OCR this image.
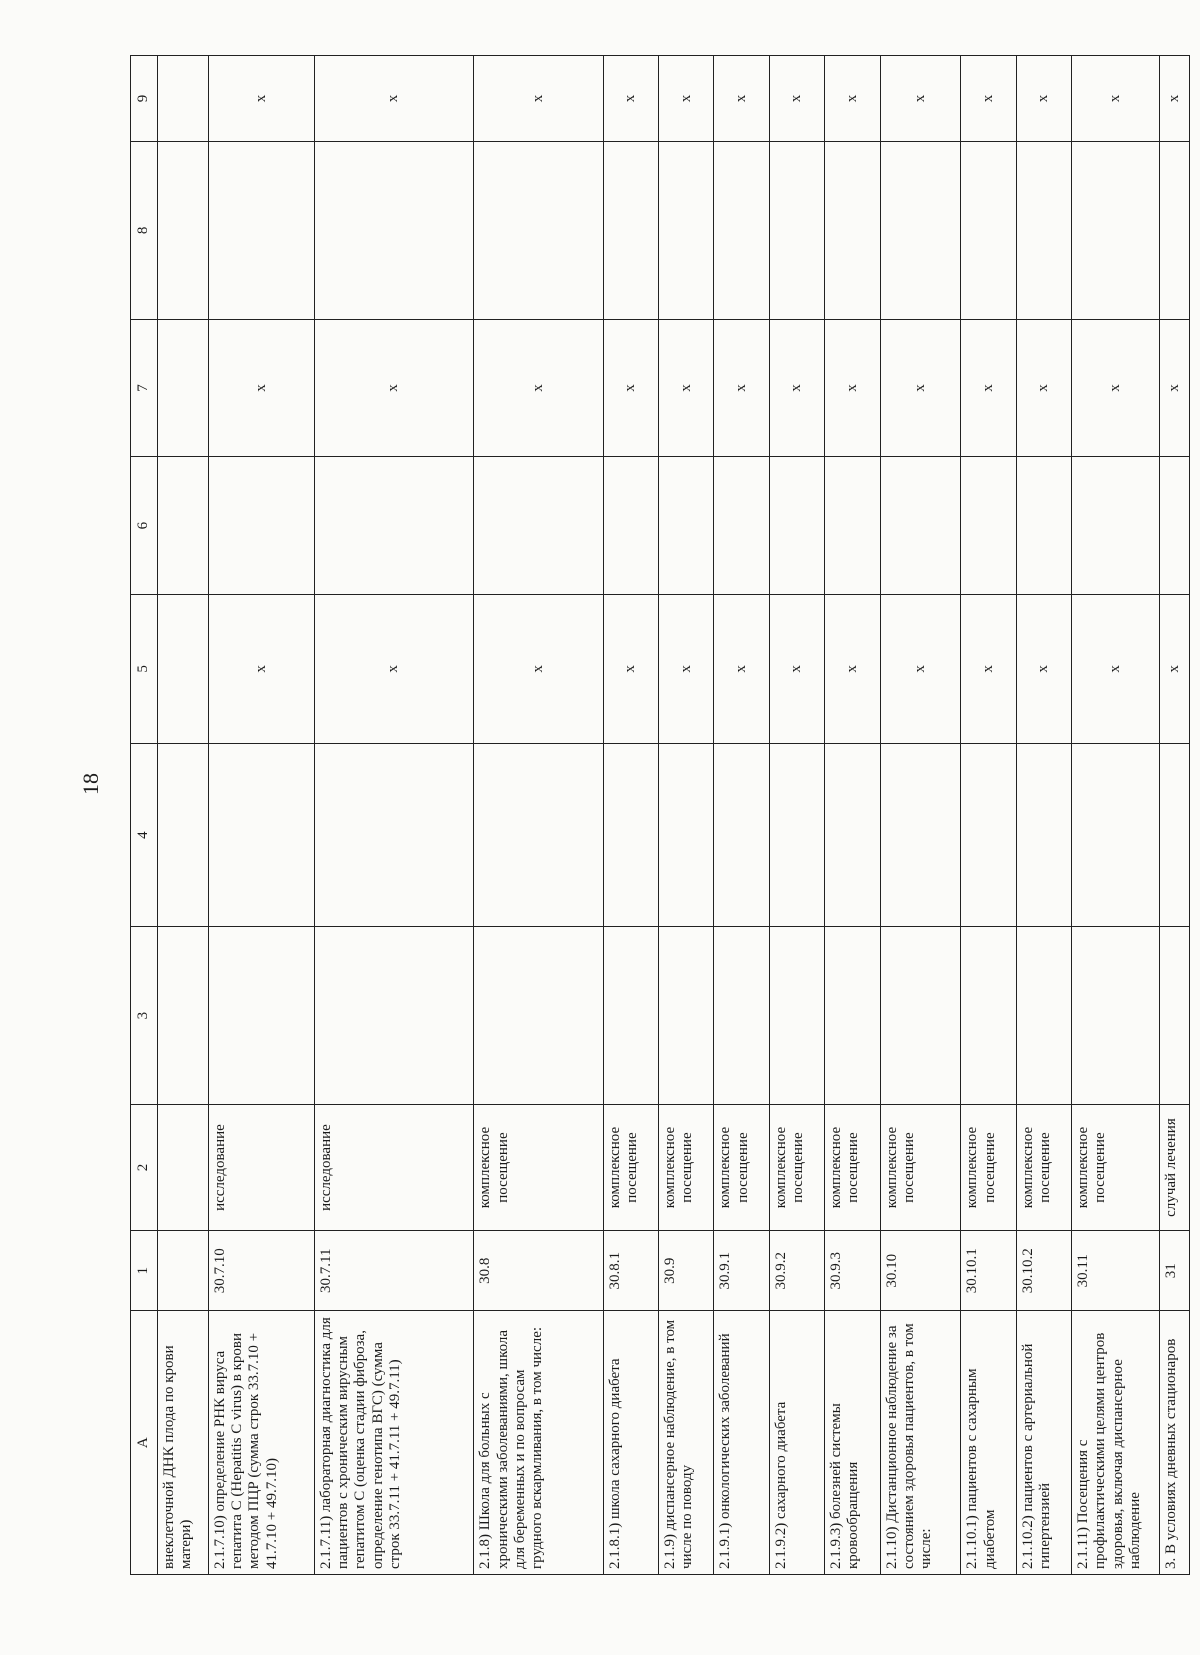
18
А	1	2	3	4	5	6	7	8	9
внеклеточной ДНК плода по крови матери)									
2.1.7.10) определение РНК вируса гепатита С (Hepatitis С virus) в крови методом ПЦР (сумма строк 33.7.10 + 41.7.10 + 49.7.10)	30.7.10	исследование			х		х		х
2.1.7.11) лабораторная диагностика для пациентов с хроническим вирусным гепатитом С (оценка стадии фиброза, определение генотипа ВГС) (сумма строк 33.7.11 + 41.7.11 + 49.7.11)	30.7.11	исследование			х		х		х
2.1.8) Школа для больных с хроническими заболеваниями, школа для беременных и по вопросам грудного вскармливания, в том числе:	30.8	комплексное посещение			х		х		х
2.1.8.1) школа сахарного диабета	30.8.1	комплексное посещение			х		х		х
2.1.9) диспансерное наблюдение, в том числе по поводу	30.9	комплексное посещение			х		х		х
2.1.9.1) онкологических заболеваний	30.9.1	комплексное посещение			х		х		х
2.1.9.2) сахарного диабета	30.9.2	комплексное посещение			х		х		х
2.1.9.3) болезней системы кровообращения	30.9.3	комплексное посещение			х		х		х
2.1.10) Дистанционное наблюдение за состоянием здоровья пациентов, в том числе:	30.10	комплексное посещение			х		х		х
2.1.10.1) пациентов с сахарным диабетом	30.10.1	комплексное посещение			х		х		х
2.1.10.2) пациентов с артериальной гипертензией	30.10.2	комплексное посещение			х		х		х
2.1.11) Посещения с профилактическими целями центров здоровья, включая диспансерное наблюдение	30.11	комплексное посещение			х		х		х
3. В условиях дневных стационаров	31	случай лечения			х		х		х
